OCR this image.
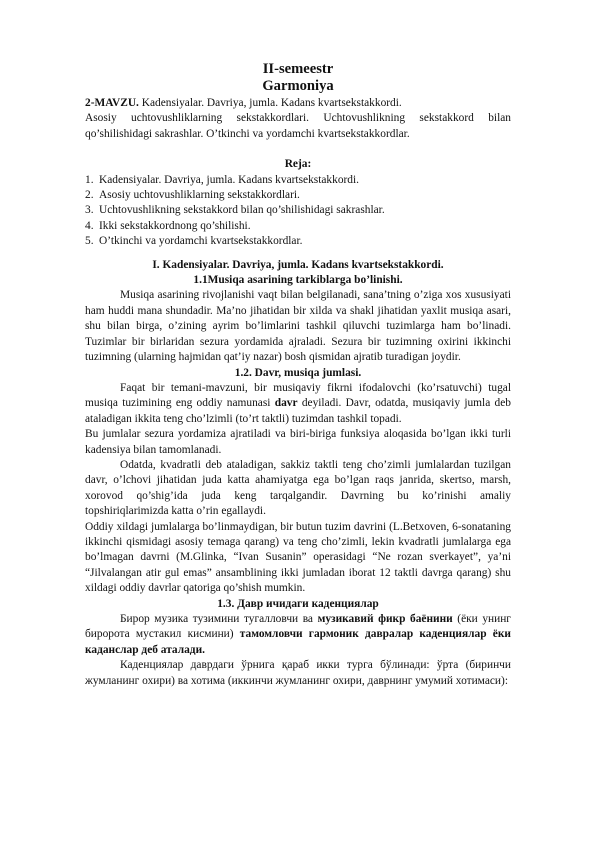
II-semeestr

Garmoniya

2-MAVZU. Kadensiyalar. Davriya, jumla. Kadans kvartsekstakkordi.

Asosiy uchtovushliklarning sekstakkordlari. Uchtovushlikning sekstakkord bilan qo’shilishidagi sakrashlar. O’tkinchi va yordamchi kvartsekstakkordlar.

Reja:

1. Kadensiyalar. Davriya, jumla. Kadans kvartsekstakkordi.
2. Asosiy uchtovushliklarning sekstakkordlari.
3. Uchtovushlikning sekstakkord bilan qo’shilishidagi sakrashlar.
4. Ikki sekstakkordnong qo’shilishi.
5. O’tkinchi va yordamchi kvartsekstakkordlar.

I. Kadensiyalar. Davriya, jumla. Kadans kvartsekstakkordi.

1.1Musiqa asarining tarkiblarga bo’linishi.

Musiqa asarining rivojlanishi vaqt bilan belgilanadi, sana’tning o’ziga xos xususiyati ham huddi mana shundadir. Ma’no jihatidan bir xilda va shakl jihatidan yaxlit musiqa asari, shu bilan birga, o’zining ayrim bo’limlarini tashkil qiluvchi tuzimlarga ham bo’linadi. Tuzimlar bir birlaridan sezura yordamida ajraladi. Sezura bir tuzimning oxirini ikkinchi tuzimning (ularning hajmidan qat’iy nazar) bosh qismidan ajratib turadigan joydir.

1.2. Davr, musiqa jumlasi.

Faqat bir temani-mavzuni, bir musiqaviy fikrni ifodalovchi (ko’rsatuvchi) tugal musiqa tuzimining eng oddiy namunasi davr deyiladi. Davr, odatda, musiqaviy jumla deb ataladigan ikkita teng cho’lzimli (to’rt taktli) tuzimdan tashkil topadi.

Bu jumlalar sezura yordamiza ajratiladi va biri-biriga funksiya aloqasida bo’lgan ikki turli kadensiya bilan tamomlanadi.

Odatda, kvadratli deb ataladigan, sakkiz taktli teng cho’zimli jumlalardan tuzilgan davr, o’lchovi jihatidan juda katta ahamiyatga ega bo’lgan raqs janrida, skertso, marsh, xorovod qo’shig’ida juda keng tarqalgandir. Davrning bu ko’rinishi amaliy topshiriqlarimizda katta o’rin egallaydi.

Oddiy xildagi jumlalarga bo’linmaydigan, bir butun tuzim davrini (L.Betxoven, 6-sonataning ikkinchi qismidagi asosiy temaga qarang) va teng cho’zimli, lekin kvadratli jumlalarga ega bo’lmagan davrni (M.Glinka, “Ivan Susanin” operasidagi “Ne rozan sverkayet”, ya’ni “Jilvalangan atir gul emas” ansamblining ikki jumladan iborat 12 taktli davrga qarang) shu xildagi oddiy davrlar qatoriga qo’shish mumkin.

1.3. Давр ичидаги каденциялар

Бирор музика тузимини тугалловчи ва музикавий фикр баёнини (ёки унинг биророта мустакил кисмини) тамомловчи гармоник давралар каденциялар ёки каданслар деб аталади.

Каденциялар даврдаги ўрнига қараб икки турга бўлинади: ўрта (биринчи жумланинг охири) ва хотима (иккинчи жумланинг охири, даврнинг умумий хотимаси):
